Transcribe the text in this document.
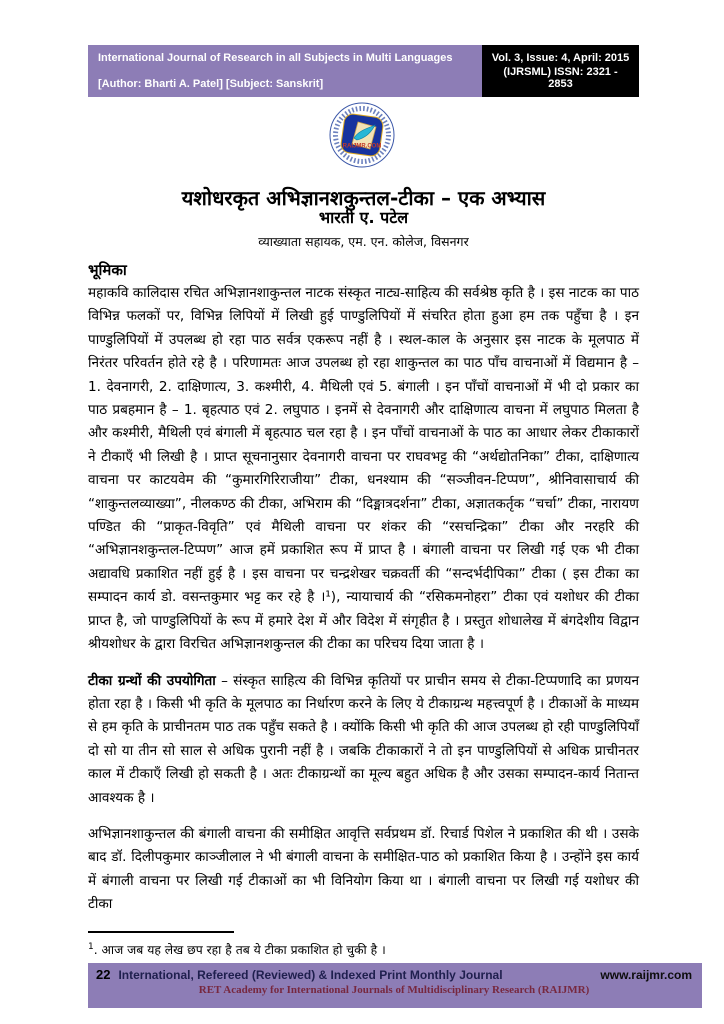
International Journal of Research in all Subjects in Multi Languages
[Author: Bharti A. Patel] [Subject: Sanskrit]
Vol. 3, Issue: 4, April: 2015
(IJRSML) ISSN: 2321 - 2853
RAIJMR.COM
यशोधरकृत अभिज्ञानशकुन्तल-टीका – एक अभ्यास
भारती ए. पटेल
व्याख्याता सहायक, एम. एन. कोलेज, विसनगर
भूमिका

महाकवि कालिदास रचित अभिज्ञानशाकुन्तल नाटक संस्कृत नाट्य-साहित्य की सर्वश्रेष्ठ कृति है । इस नाटक का पाठ विभिन्न फलकों पर, विभिन्न लिपियों में लिखी हुई पाण्डुलिपियों में संचरित होता हुआ हम तक पहुँचा है । इन पाण्डुलिपियों में उपलब्ध हो रहा पाठ सर्वत्र एकरूप नहीं है । स्थल-काल के अनुसार इस नाटक के मूलपाठ में निरंतर परिवर्तन होते रहे है । परिणामतः आज उपलब्ध हो रहा शाकुन्तल का पाठ पाँच वाचनाओं में विद्यमान है – 1. देवनागरी, 2. दाक्षिणात्य, 3. कश्मीरी, 4. मैथिली एवं 5. बंगाली । इन पाँचों वाचनाओं में भी दो प्रकार का पाठ प्रबहमान है – 1. बृहत्पाठ एवं 2. लघुपाठ । इनमें से देवनागरी और दाक्षिणात्य वाचना में लघुपाठ मिलता है और कश्मीरी, मैथिली एवं बंगाली में बृहत्पाठ चल रहा है । इन पाँचों वाचनाओं के पाठ का आधार लेकर टीकाकारों ने टीकाएँ भी लिखी है । प्राप्त सूचनानुसार देवनागरी वाचना पर राघवभट्ट की “अर्थद्योतनिका” टीका, दाक्षिणात्य वाचना पर काटयवेम की “कुमारगिरिराजीया” टीका, धनश्याम की “सञ्जीवन-टिप्पण”, श्रीनिवासाचार्य की “शाकुन्तलव्याख्या”, नीलकण्ठ की टीका, अभिराम की “दिङ्मात्रदर्शना” टीका, अज्ञातकर्तृक “चर्चा” टीका, नारायण पण्डित की “प्राकृत-विवृति” एवं मैथिली वाचना पर शंकर की “रसचन्द्रिका” टीका और नरहरि की “अभिज्ञानशकुन्तल-टिप्पण” आज हमें प्रकाशित रूप में प्राप्त है । बंगाली वाचना पर लिखी गई एक भी टीका अद्यावधि प्रकाशित नहीं हुई है । इस वाचना पर चन्द्रशेखर चक्रवर्ती की “सन्दर्भदीपिका” टीका ( इस टीका का सम्पादन कार्य डो. वसन्तकुमार भट्ट कर रहे है ।¹), न्यायाचार्य की “रसिकमनोहरा” टीका एवं यशोधर की टीका प्राप्त है, जो पाण्डुलिपियों के रूप में हमारे देश में और विदेश में संगृहीत है । प्रस्तुत शोधालेख में बंगदेशीय विद्वान श्रीयशोधर के द्वारा विरचित अभिज्ञानशकुन्तल की टीका का परिचय दिया जाता है ।

टीका ग्रन्थों की उपयोगिता – संस्कृत साहित्य की विभिन्न कृतियों पर प्राचीन समय से टीका-टिप्पणादि का प्रणयन होता रहा है । किसी भी कृति के मूलपाठ का निर्धारण करने के लिए ये टीकाग्रन्थ महत्त्वपूर्ण है । टीकाओं के माध्यम से हम कृति के प्राचीनतम पाठ तक पहुँच सकते है । क्योंकि किसी भी कृति की आज उपलब्ध हो रही पाण्डुलिपियाँ दो सो या तीन सो साल से अधिक पुरानी नहीं है । जबकि टीकाकारों ने तो इन पाण्डुलिपियों से अधिक प्राचीनतर काल में टीकाएँ लिखी हो सकती है । अतः टीकाग्रन्थों का मूल्य बहुत अधिक है और उसका सम्पादन-कार्य नितान्त आवश्यक है ।

अभिज्ञानशाकुन्तल की बंगाली वाचना की समीक्षित आवृत्ति सर्वप्रथम डॉ. रिचार्ड पिशेल ने प्रकाशित की थी । उसके बाद डॉ. दिलीपकुमार काञ्जीलाल ने भी बंगाली वाचना के समीक्षित-पाठ को प्रकाशित किया है । उन्होंने इस कार्य में बंगाली वाचना पर लिखी गई टीकाओं का भी विनियोग किया था । बंगाली वाचना पर लिखी गई यशोधर की टीका

$^1$. आज जब यह लेख छप रहा है तब ये टीका प्रकाशित हो चुकी है ।
22 International, Refereed (Reviewed) & Indexed Print Monthly Journal	www.raijmr.com
RET Academy for International Journals of Multidisciplinary Research (RAIJMR)
